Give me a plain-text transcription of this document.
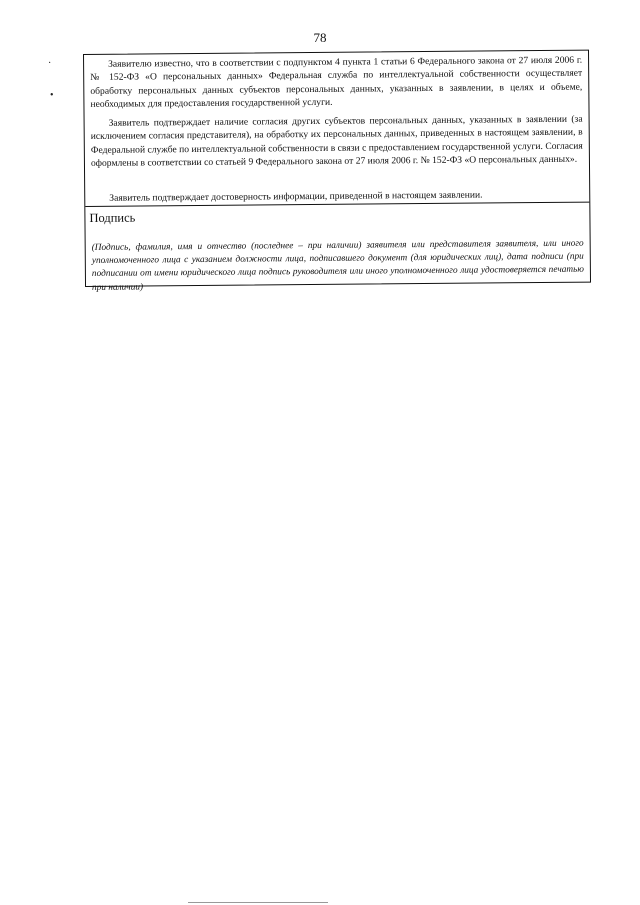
78
·
•

Заявителю известно, что в соответствии с подпунктом 4 пункта 1 статьи 6 Федерального закона от 27 июля 2006 г. № 152-ФЗ «О персональных данных» Федеральная служба по интеллектуальной собственности осуществляет обработку персональных данных субъектов персональных данных, указанных в заявлении, в целях и объеме, необходимых для предоставления государственной услуги.

Заявитель подтверждает наличие согласия других субъектов персональных данных, указанных в заявлении (за исключением согласия представителя), на обработку их персональных данных, приведенных в настоящем заявлении, в Федеральной службе по интеллектуальной собственности в связи с предоставлением государственной услуги. Согласия оформлены в соответствии со статьей 9 Федерального закона от 27 июля 2006 г. № 152-ФЗ «О персональных данных».

Заявитель подтверждает достоверность информации, приведенной в настоящем заявлении.

Подпись

(Подпись, фамилия, имя и отчество (последнее – при наличии) заявителя или представителя заявителя, или иного уполномоченного лица с указанием должности лица, подписавшего документ (для юридических лиц), дата подписи (при подписании от имени юридического лица подпись руководителя или иного уполномоченного лица удостоверяется печатью при наличии)
